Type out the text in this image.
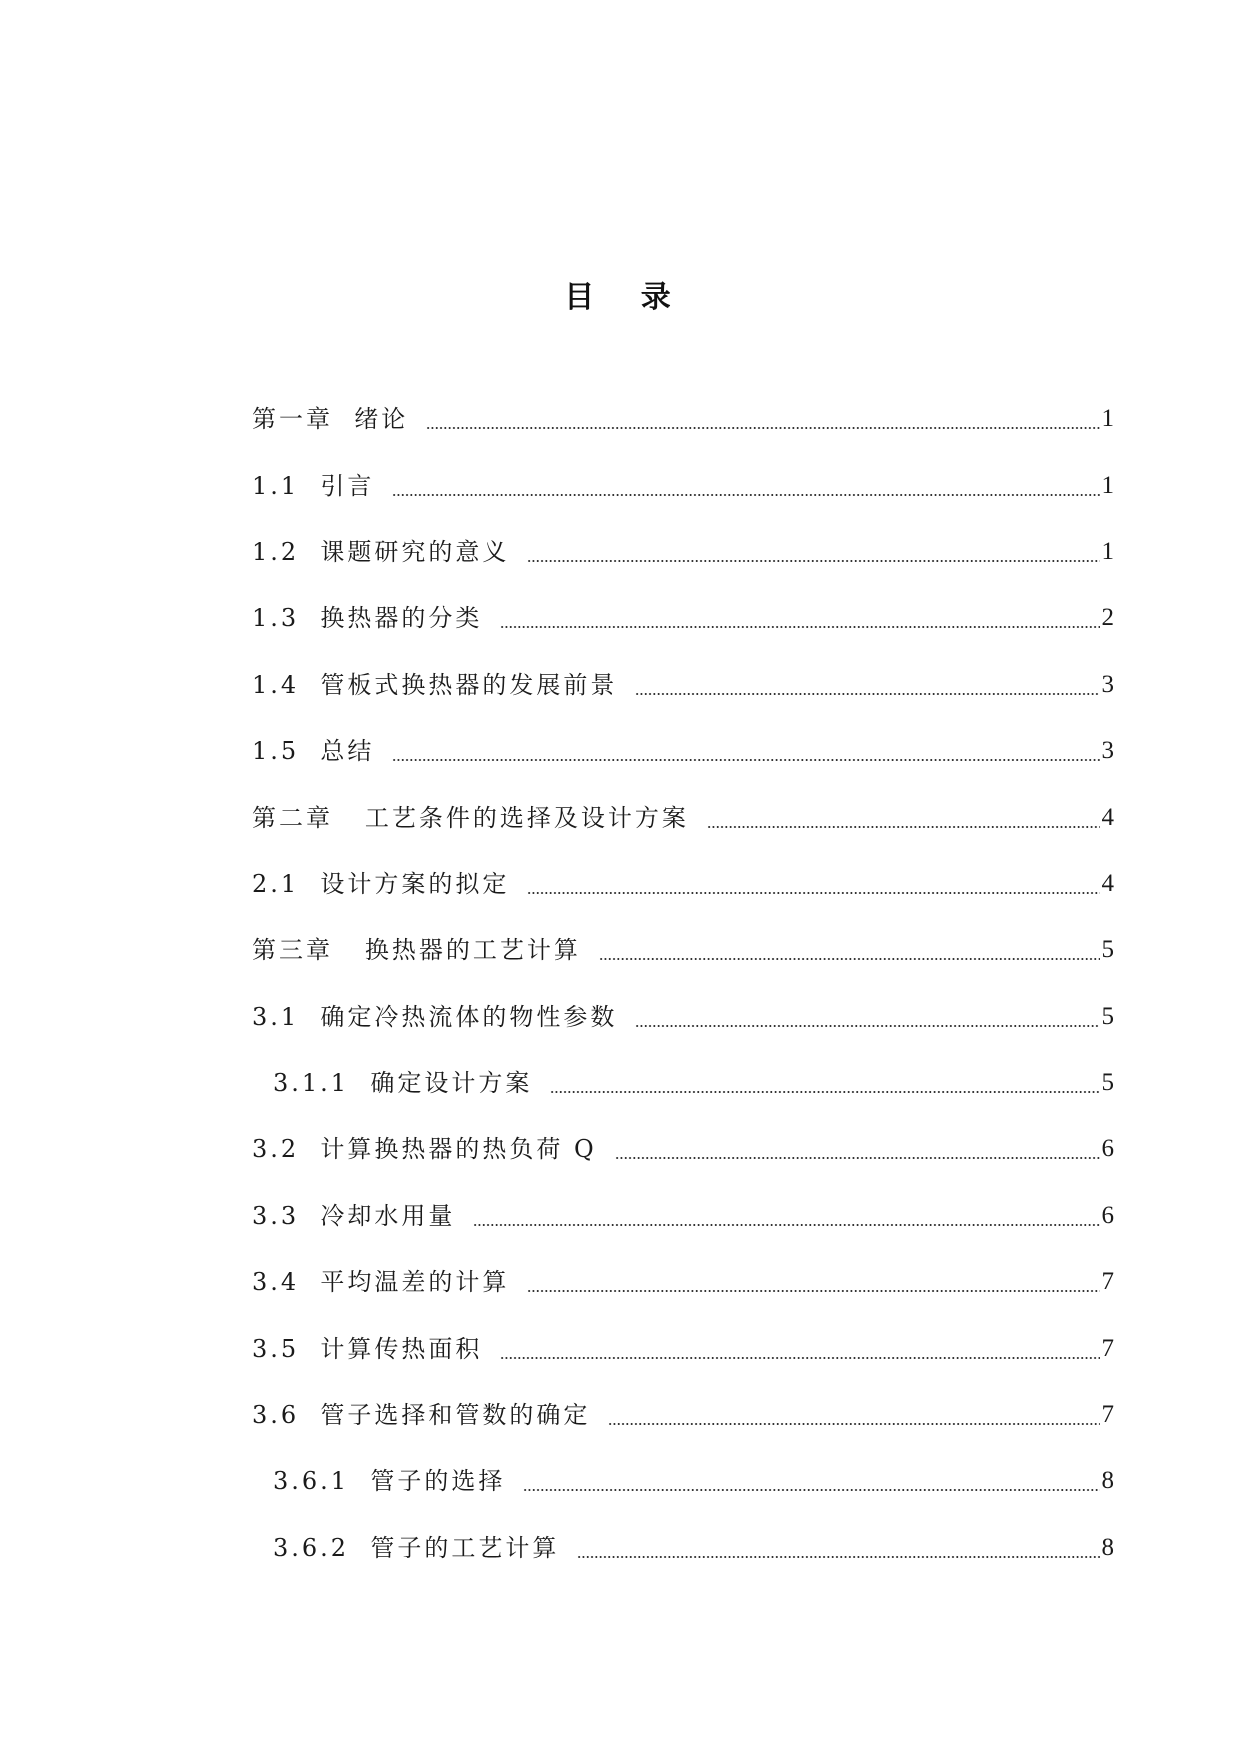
目 录
第一章  绪论	1
1.1  引言	1
1.2  课题研究的意义	1
1.3  换热器的分类	2
1.4  管板式换热器的发展前景	3
1.5  总结	3
第二章   工艺条件的选择及设计方案	4
2.1  设计方案的拟定	4
第三章   换热器的工艺计算	5
3.1  确定冷热流体的物性参数	5
3.1.1  确定设计方案	5
3.2  计算换热器的热负荷 Q	6
3.3  冷却水用量	6
3.4  平均温差的计算	7
3.5  计算传热面积	7
3.6  管子选择和管数的确定	7
3.6.1  管子的选择	8
3.6.2  管子的工艺计算	8
